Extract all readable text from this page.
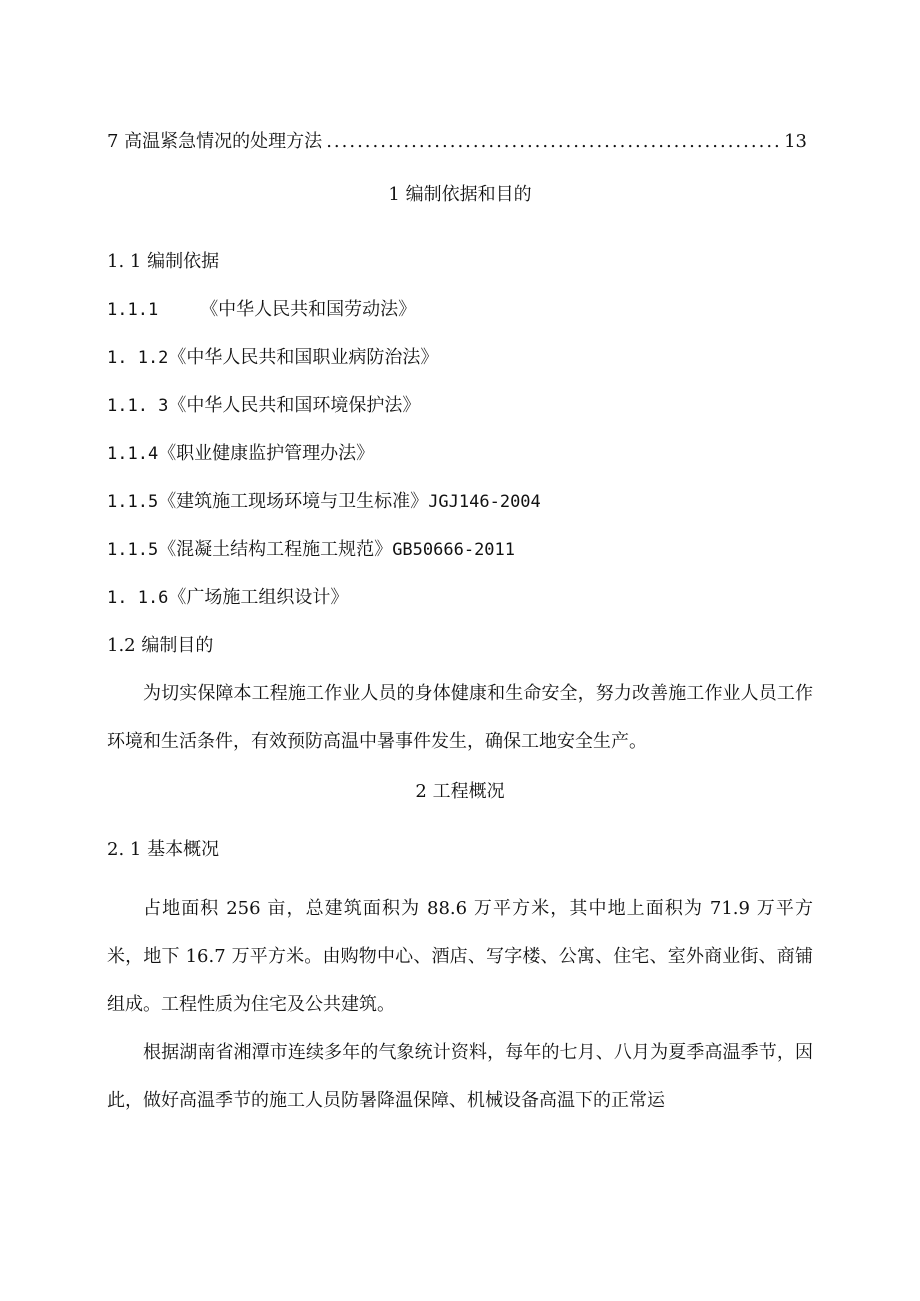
7 高温紧急情况的处理方法
.....	13
1 编制依据和目的
1. 1 编制依据
1.1.1 《中华人民共和国劳动法》
1. 1.2《中华人民共和国职业病防治法》
1.1. 3《中华人民共和国环境保护法》
1.1.4《职业健康监护管理办法》
1.1.5《建筑施工现场环境与卫生标准》JGJ146-2004
1.1.5《混凝土结构工程施工规范》GB50666-2011
1. 1.6《广场施工组织设计》
1.2 编制目的
为切实保障本工程施工作业人员的身体健康和生命安全，努力改善施工作业人员工作环境和生活条件，有效预防高温中暑事件发生，确保工地安全生产。
2 工程概况
2. 1 基本概况
占地面积 256 亩，总建筑面积为 88.6 万平方米，其中地上面积为 71.9 万平方米，地下 16.7 万平方米。由购物中心、酒店、写字楼、公寓、住宅、室外商业街、商铺组成。工程性质为住宅及公共建筑。
根据湖南省湘潭市连续多年的气象统计资料，每年的七月、八月为夏季高温季节，因此，做好高温季节的施工人员防暑降温保障、机械设备高温下的正常运
